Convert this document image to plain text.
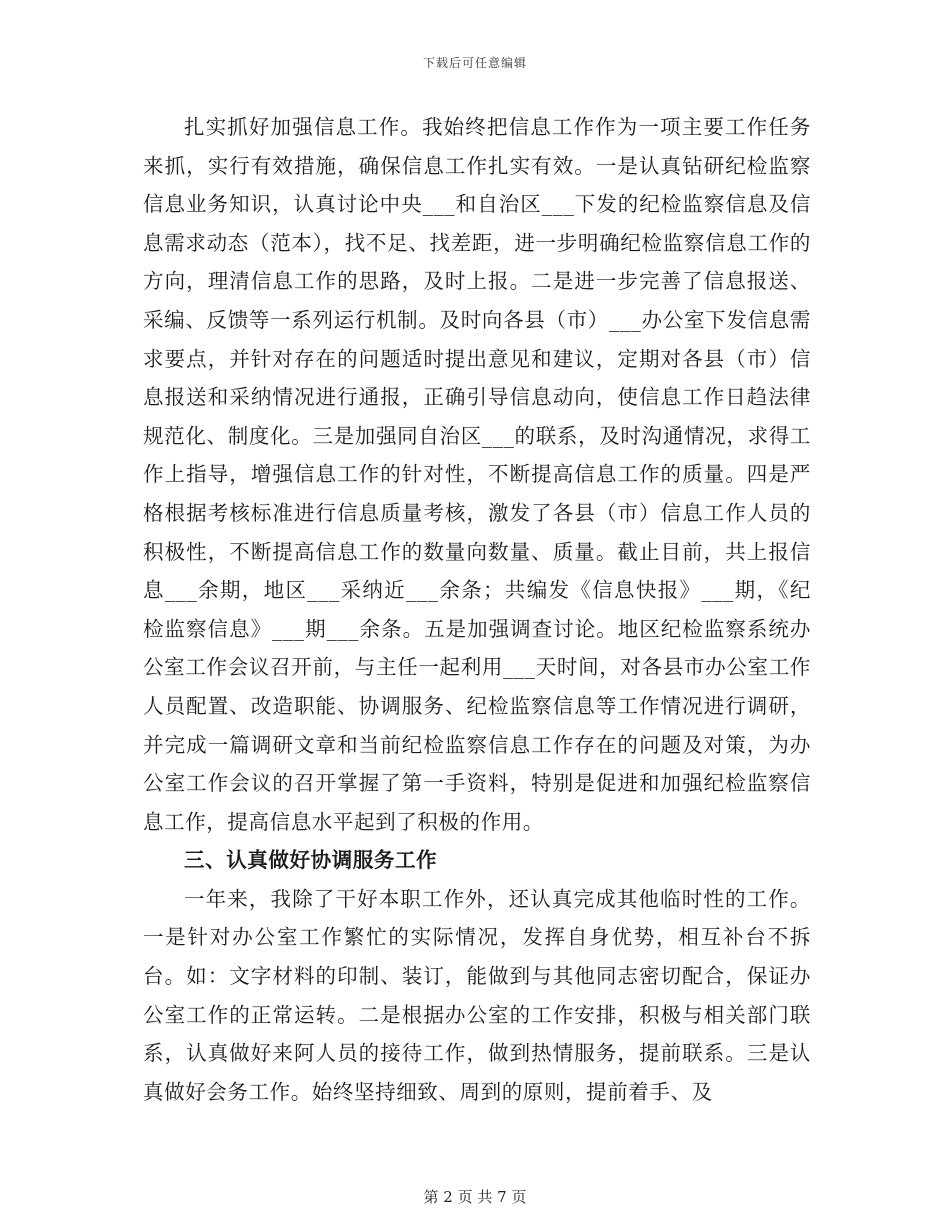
下载后可任意编辑

扎实抓好加强信息工作。我始终把信息工作作为一项主要工作任务来抓，实行有效措施，确保信息工作扎实有效。一是认真钻研纪检监察信息业务知识，认真讨论中央___和自治区___下发的纪检监察信息及信息需求动态（范本），找不足、找差距，进一步明确纪检监察信息工作的方向，理清信息工作的思路，及时上报。二是进一步完善了信息报送、采编、反馈等一系列运行机制。及时向各县（市）___办公室下发信息需求要点，并针对存在的问题适时提出意见和建议，定期对各县（市）信息报送和采纳情况进行通报，正确引导信息动向，使信息工作日趋法律规范化、制度化。三是加强同自治区___的联系，及时沟通情况，求得工作上指导，增强信息工作的针对性，不断提高信息工作的质量。四是严格根据考核标准进行信息质量考核，激发了各县（市）信息工作人员的积极性，不断提高信息工作的数量向数量、质量。截止目前，共上报信息___余期，地区___采纳近___余条；共编发《信息快报》___期，《纪检监察信息》___期___余条。五是加强调查讨论。地区纪检监察系统办公室工作会议召开前，与主任一起利用___天时间，对各县市办公室工作人员配置、改造职能、协调服务、纪检监察信息等工作情况进行调研，并完成一篇调研文章和当前纪检监察信息工作存在的问题及对策，为办公室工作会议的召开掌握了第一手资料，特别是促进和加强纪检监察信息工作，提高信息水平起到了积极的作用。

三、认真做好协调服务工作

一年来，我除了干好本职工作外，还认真完成其他临时性的工作。一是针对办公室工作繁忙的实际情况，发挥自身优势，相互补台不拆台。如：文字材料的印制、装订，能做到与其他同志密切配合，保证办公室工作的正常运转。二是根据办公室的工作安排，积极与相关部门联系，认真做好来阿人员的接待工作，做到热情服务，提前联系。三是认真做好会务工作。始终坚持细致、周到的原则，提前着手、及

第 2 页 共 7 页
